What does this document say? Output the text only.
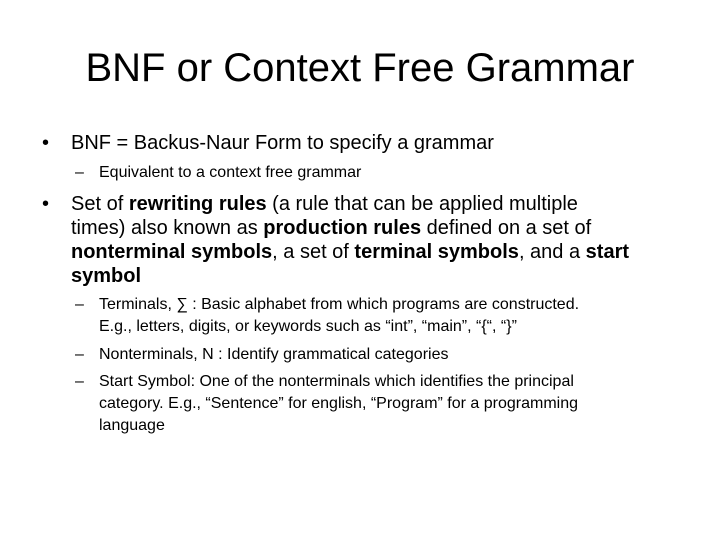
BNF or Context Free Grammar
• BNF = Backus-Naur Form to specify a grammar
– Equivalent to a context free grammar
• Set of rewriting rules (a rule that can be applied multiple
times) also known as production rules defined on a set of
nonterminal symbols, a set of terminal symbols, and a start
symbol
– Terminals, ∑ : Basic alphabet from which programs are constructed.
E.g., letters, digits, or keywords such as “int”, “main”, “{“, “}”
– Nonterminals, N : Identify grammatical categories
– Start Symbol: One of the nonterminals which identifies the principal
category. E.g., “Sentence” for english, “Program” for a programming
language
